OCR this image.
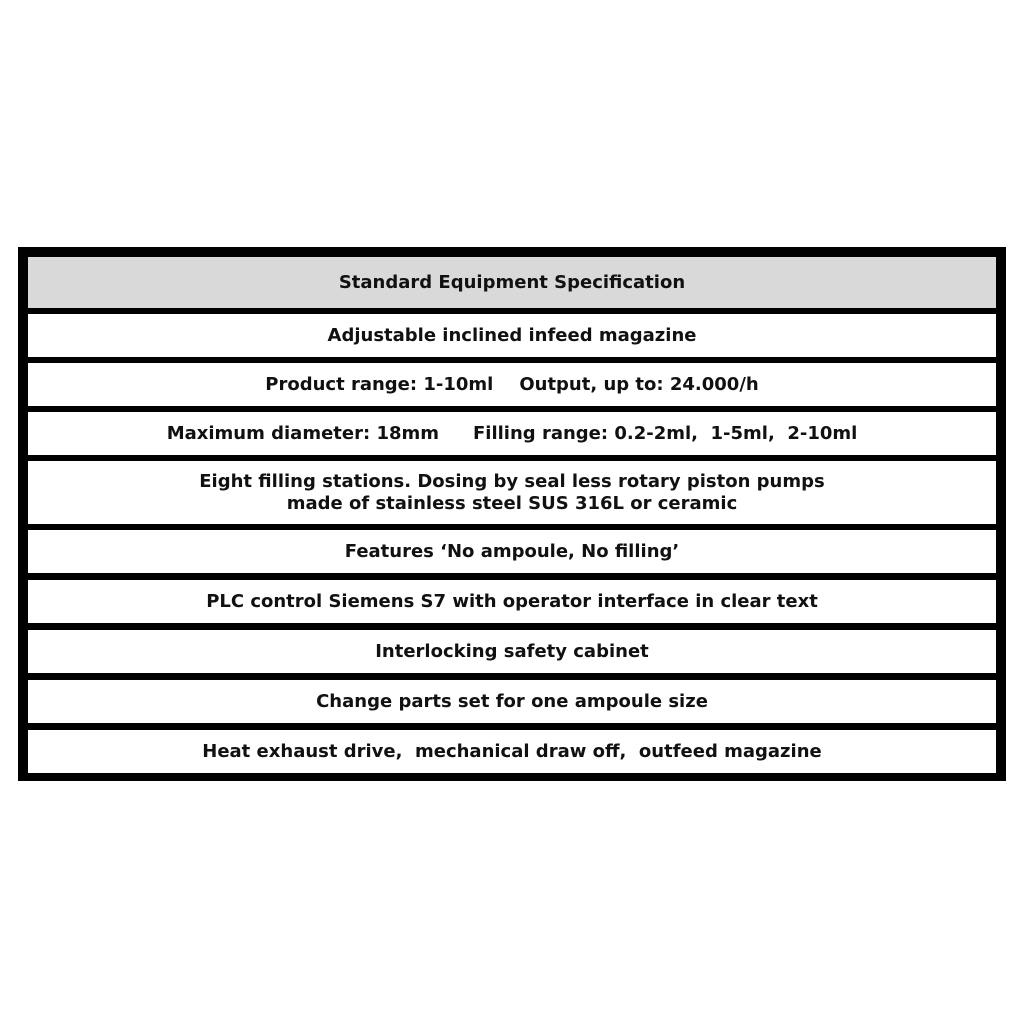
Standard Equipment Specification
Adjustable inclined infeed magazine
Product range: 1-10ml Output, up to: 24.000/h
Maximum diameter: 18mm Filling range: 0.2-2ml,  1-5ml,  2-10ml
Eight filling stations. Dosing by seal less rotary piston pumps
made of stainless steel SUS 316L or ceramic
Features ‘No ampoule, No filling’
PLC control Siemens S7 with operator interface in clear text
Interlocking safety cabinet
Change parts set for one ampoule size
Heat exhaust drive,  mechanical draw off,  outfeed magazine
